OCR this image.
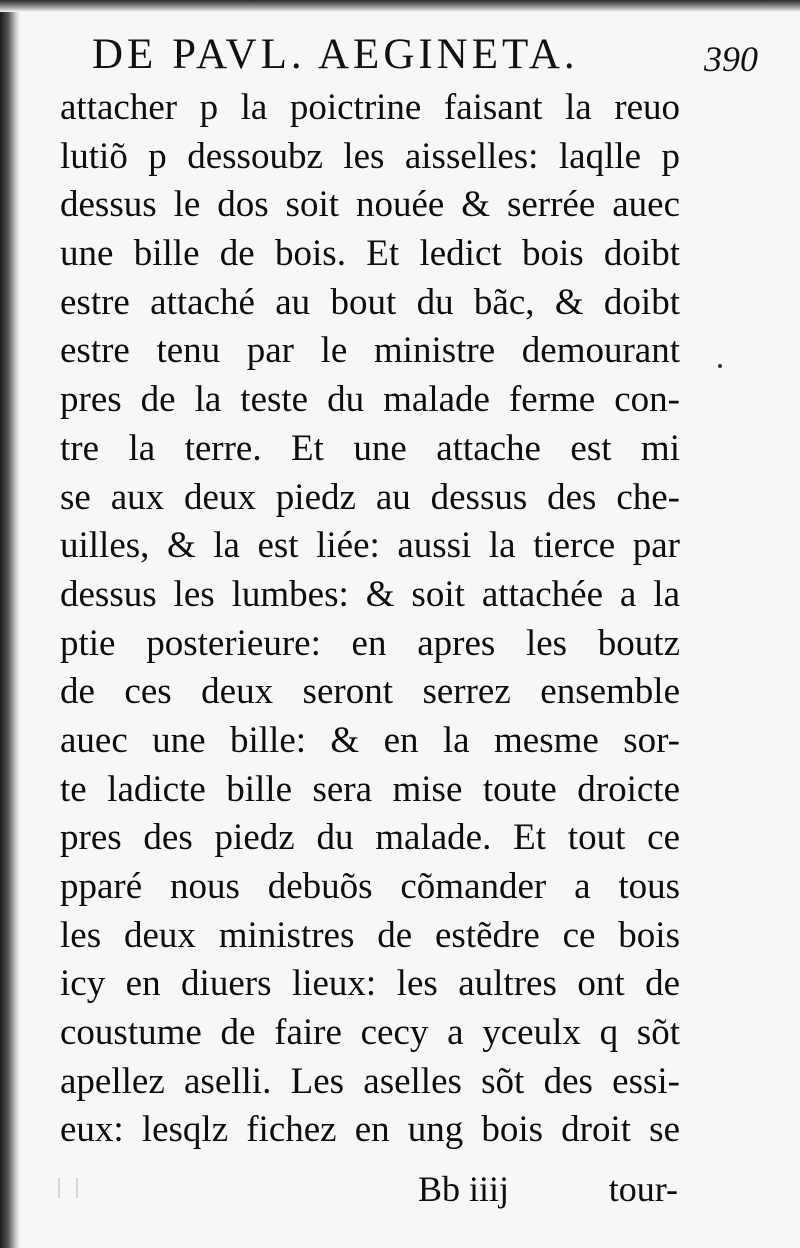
DE PAVL. AEGINETA.	390
attacher p la poictrine faisant la reuo
lutiõ p dessoubz les aisselles: laqlle p
dessus le dos soit nouée & serrée auec
une bille de bois. Et ledict bois doibt
estre attaché au bout du bãc, & doibt
estre tenu par le ministre demourant
pres de la teste du malade ferme con-
tre la terre. Et une attache est mi
se aux deux piedz au dessus des che-
uilles, & la est liée: aussi la tierce par
dessus les lumbes: & soit attachée a la
ptie posterieure: en apres les boutz
de ces deux seront serrez ensemble
auec une bille: & en la mesme sor-
te ladicte bille sera mise toute droicte
pres des piedz du malade. Et tout ce
pparé nous debuõs cõmander a tous
les deux ministres de estẽdre ce bois
icy en diuers lieux: les aultres ont de
coustume de faire cecy a yceulx q sõt
apellez aselli. Les aselles sõt des essi-
eux: lesqlz fichez en ung bois droit se
Bb iiij	tour-
